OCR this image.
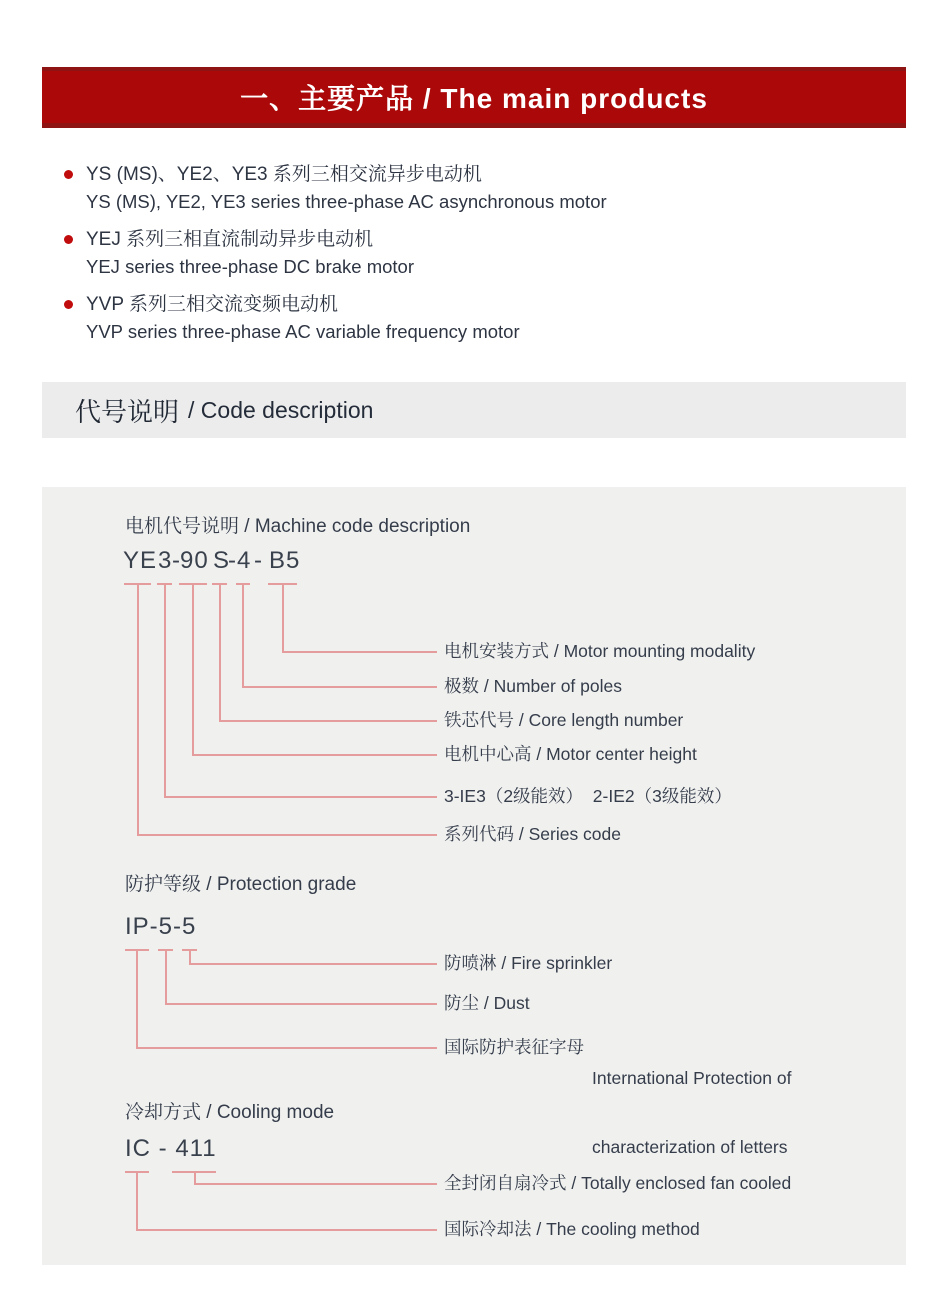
一、主要产品 / The main products
YS (MS)、YE2、YE3 系列三相交流异步电动机
YS (MS), YE2, YE3 series three-phase AC asynchronous motor
YEJ 系列三相直流制动异步电动机
YEJ series three-phase DC brake motor
YVP 系列三相交流变频电动机
YVP series three-phase AC variable frequency motor
代号说明 / Code description
电机代号说明 / Machine code description
YE 3 - 90 S
- 4 - B5
电机安装方式 / Motor mounting modality
极数 / Number of poles
铁芯代号 / Core length number
电机中心高 / Motor center height
3-IE3（2级能效）  2-IE2（3级能效）
系列代码 / Series code
防护等级 / Protection grade
IP-5-5
防喷淋 / Fire sprinkler
防尘 / Dust
国际防护表征字母

International Protection of

characterization of letters

冷却方式 / Cooling mode
IC - 411
全封闭自扇冷式 / Totally enclosed fan cooled
国际冷却法 / The cooling method
